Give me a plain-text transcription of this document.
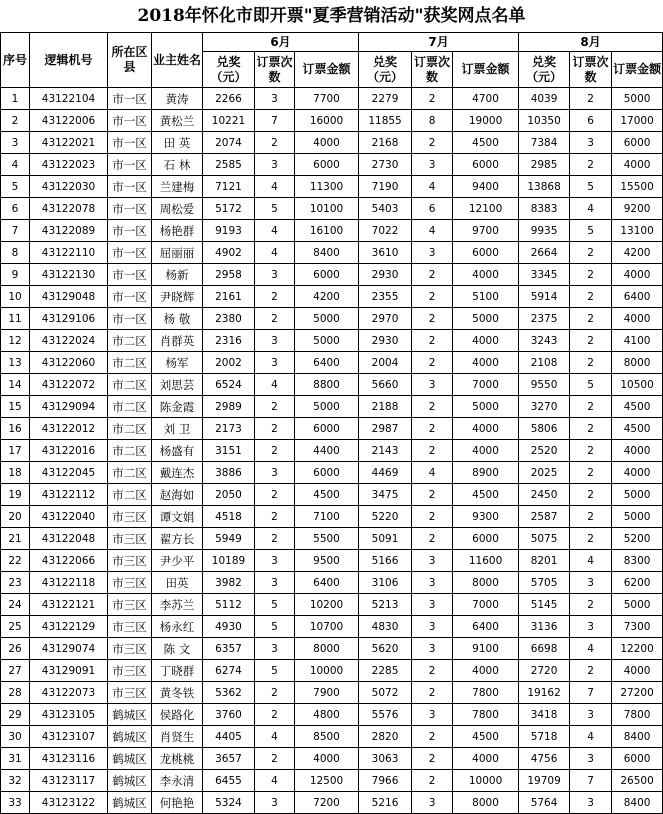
2018年怀化市即开票"夏季营销活动"获奖网点名单
序号	逻辑机号	所在区县	业主姓名	6月			7月			8月		
				兑奖（元）	订票次数	订票金额	兑奖（元）	订票次数	订票金额	兑奖（元）	订票次数	订票金额
1	43122104	市一区	黄涛	2266	3	7700	2279	2	4700	4039	2	5000
2	43122006	市一区	黄松兰	10221	7	16000	11855	8	19000	10350	6	17000
3	43122021	市一区	田 英	2074	2	4000	2168	2	4500	7384	3	6000
4	43122023	市一区	石 林	2585	3	6000	2730	3	6000	2985	2	4000
5	43122030	市一区	兰建梅	7121	4	11300	7190	4	9400	13868	5	15500
6	43122078	市一区	周松爱	5172	5	10100	5403	6	12100	8383	4	9200
7	43122089	市一区	杨艳群	9193	4	16100	7022	4	9700	9935	5	13100
8	43122110	市一区	屈丽丽	4902	4	8400	3610	3	6000	2664	2	4200
9	43122130	市一区	杨新	2958	3	6000	2930	2	4000	3345	2	4000
10	43129048	市一区	尹晓辉	2161	2	4200	2355	2	5100	5914	2	6400
11	43129106	市一区	杨 敬	2380	2	5000	2970	2	5000	2375	2	4000
12	43122024	市二区	肖群英	2316	3	5000	2930	2	4000	3243	2	4100
13	43122060	市二区	杨军	2002	3	6400	2004	2	4000	2108	2	8000
14	43122072	市二区	刘思芸	6524	4	8800	5660	3	7000	9550	5	10500
15	43129094	市二区	陈金霞	2989	2	5000	2188	2	5000	3270	2	4500
16	43122012	市二区	刘 卫	2173	2	6000	2987	2	4000	5806	2	4500
17	43122016	市二区	杨盛有	3151	2	4400	2143	2	4000	2520	2	4000
18	43122045	市二区	戴连杰	3886	3	6000	4469	4	8900	2025	2	4000
19	43122112	市二区	赵海如	2050	2	4500	3475	2	4500	2450	2	5000
20	43122040	市三区	谭文娟	4518	2	7100	5220	2	9300	2587	2	5000
21	43122048	市三区	翟方长	5949	2	5500	5091	2	6000	5075	2	5200
22	43122066	市三区	尹少平	10189	3	9500	5166	3	11600	8201	4	8300
23	43122118	市三区	田英	3982	3	6400	3106	3	8000	5705	3	6200
24	43122121	市三区	李苏兰	5112	5	10200	5213	3	7000	5145	2	5000
25	43122129	市三区	杨永红	4930	5	10700	4830	3	6400	3136	3	7300
26	43129074	市三区	陈 文	6357	3	8000	5620	3	9100	6698	4	12200
27	43129091	市三区	丁晓群	6274	5	10000	2285	2	4000	2720	2	4000
28	43122073	市三区	黄冬铁	5362	2	7900	5072	2	7800	19162	7	27200
29	43123105	鹤城区	侯路化	3760	2	4800	5576	3	7800	3418	3	7800
30	43123107	鹤城区	肖贤生	4405	4	8500	2820	2	4500	5718	4	8400
31	43123116	鹤城区	龙桃桃	3657	2	4000	3063	2	4000	4756	3	6000
32	43123117	鹤城区	李永清	6455	4	12500	7966	2	10000	19709	7	26500
33	43123122	鹤城区	何艳艳	5324	3	7200	5216	3	8000	5764	3	8400
